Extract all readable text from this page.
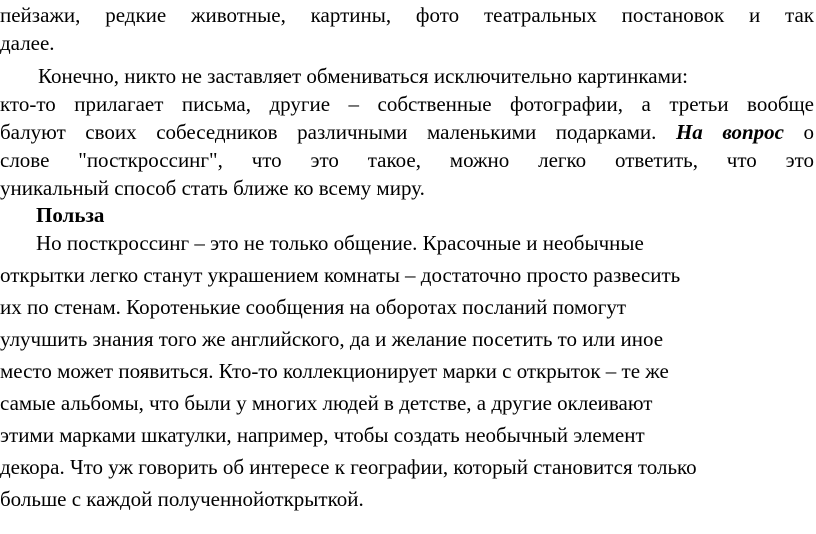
пейзажи, редкие животные, картины, фото театральных постановок и так
далее.
Конечно, никто не заставляет обмениваться исключительно картинками:
кто-то прилагает письма, другие – собственные фотографии, а третьи вообще
балуют своих собеседников различными маленькими подарками. На вопрос о
слове "посткроссинг", что это такое, можно легко ответить, что это
уникальный способ стать ближе ко всему миру.
Польза
Но посткроссинг – это не только общение. Красочные и необычные
открытки легко станут украшением комнаты – достаточно просто развесить
их по стенам. Коротенькие сообщения на оборотах посланий помогут
улучшить знания того же английского, да и желание посетить то или иное
место может появиться. Кто-то коллекционирует марки с открыток – те же
самые альбомы, что были у многих людей в детстве, а другие оклеивают
этими марками шкатулки, например, чтобы создать необычный элемент
декора. Что уж говорить об интересе к географии, который становится только
больше с каждой полученнойоткрыткой.
